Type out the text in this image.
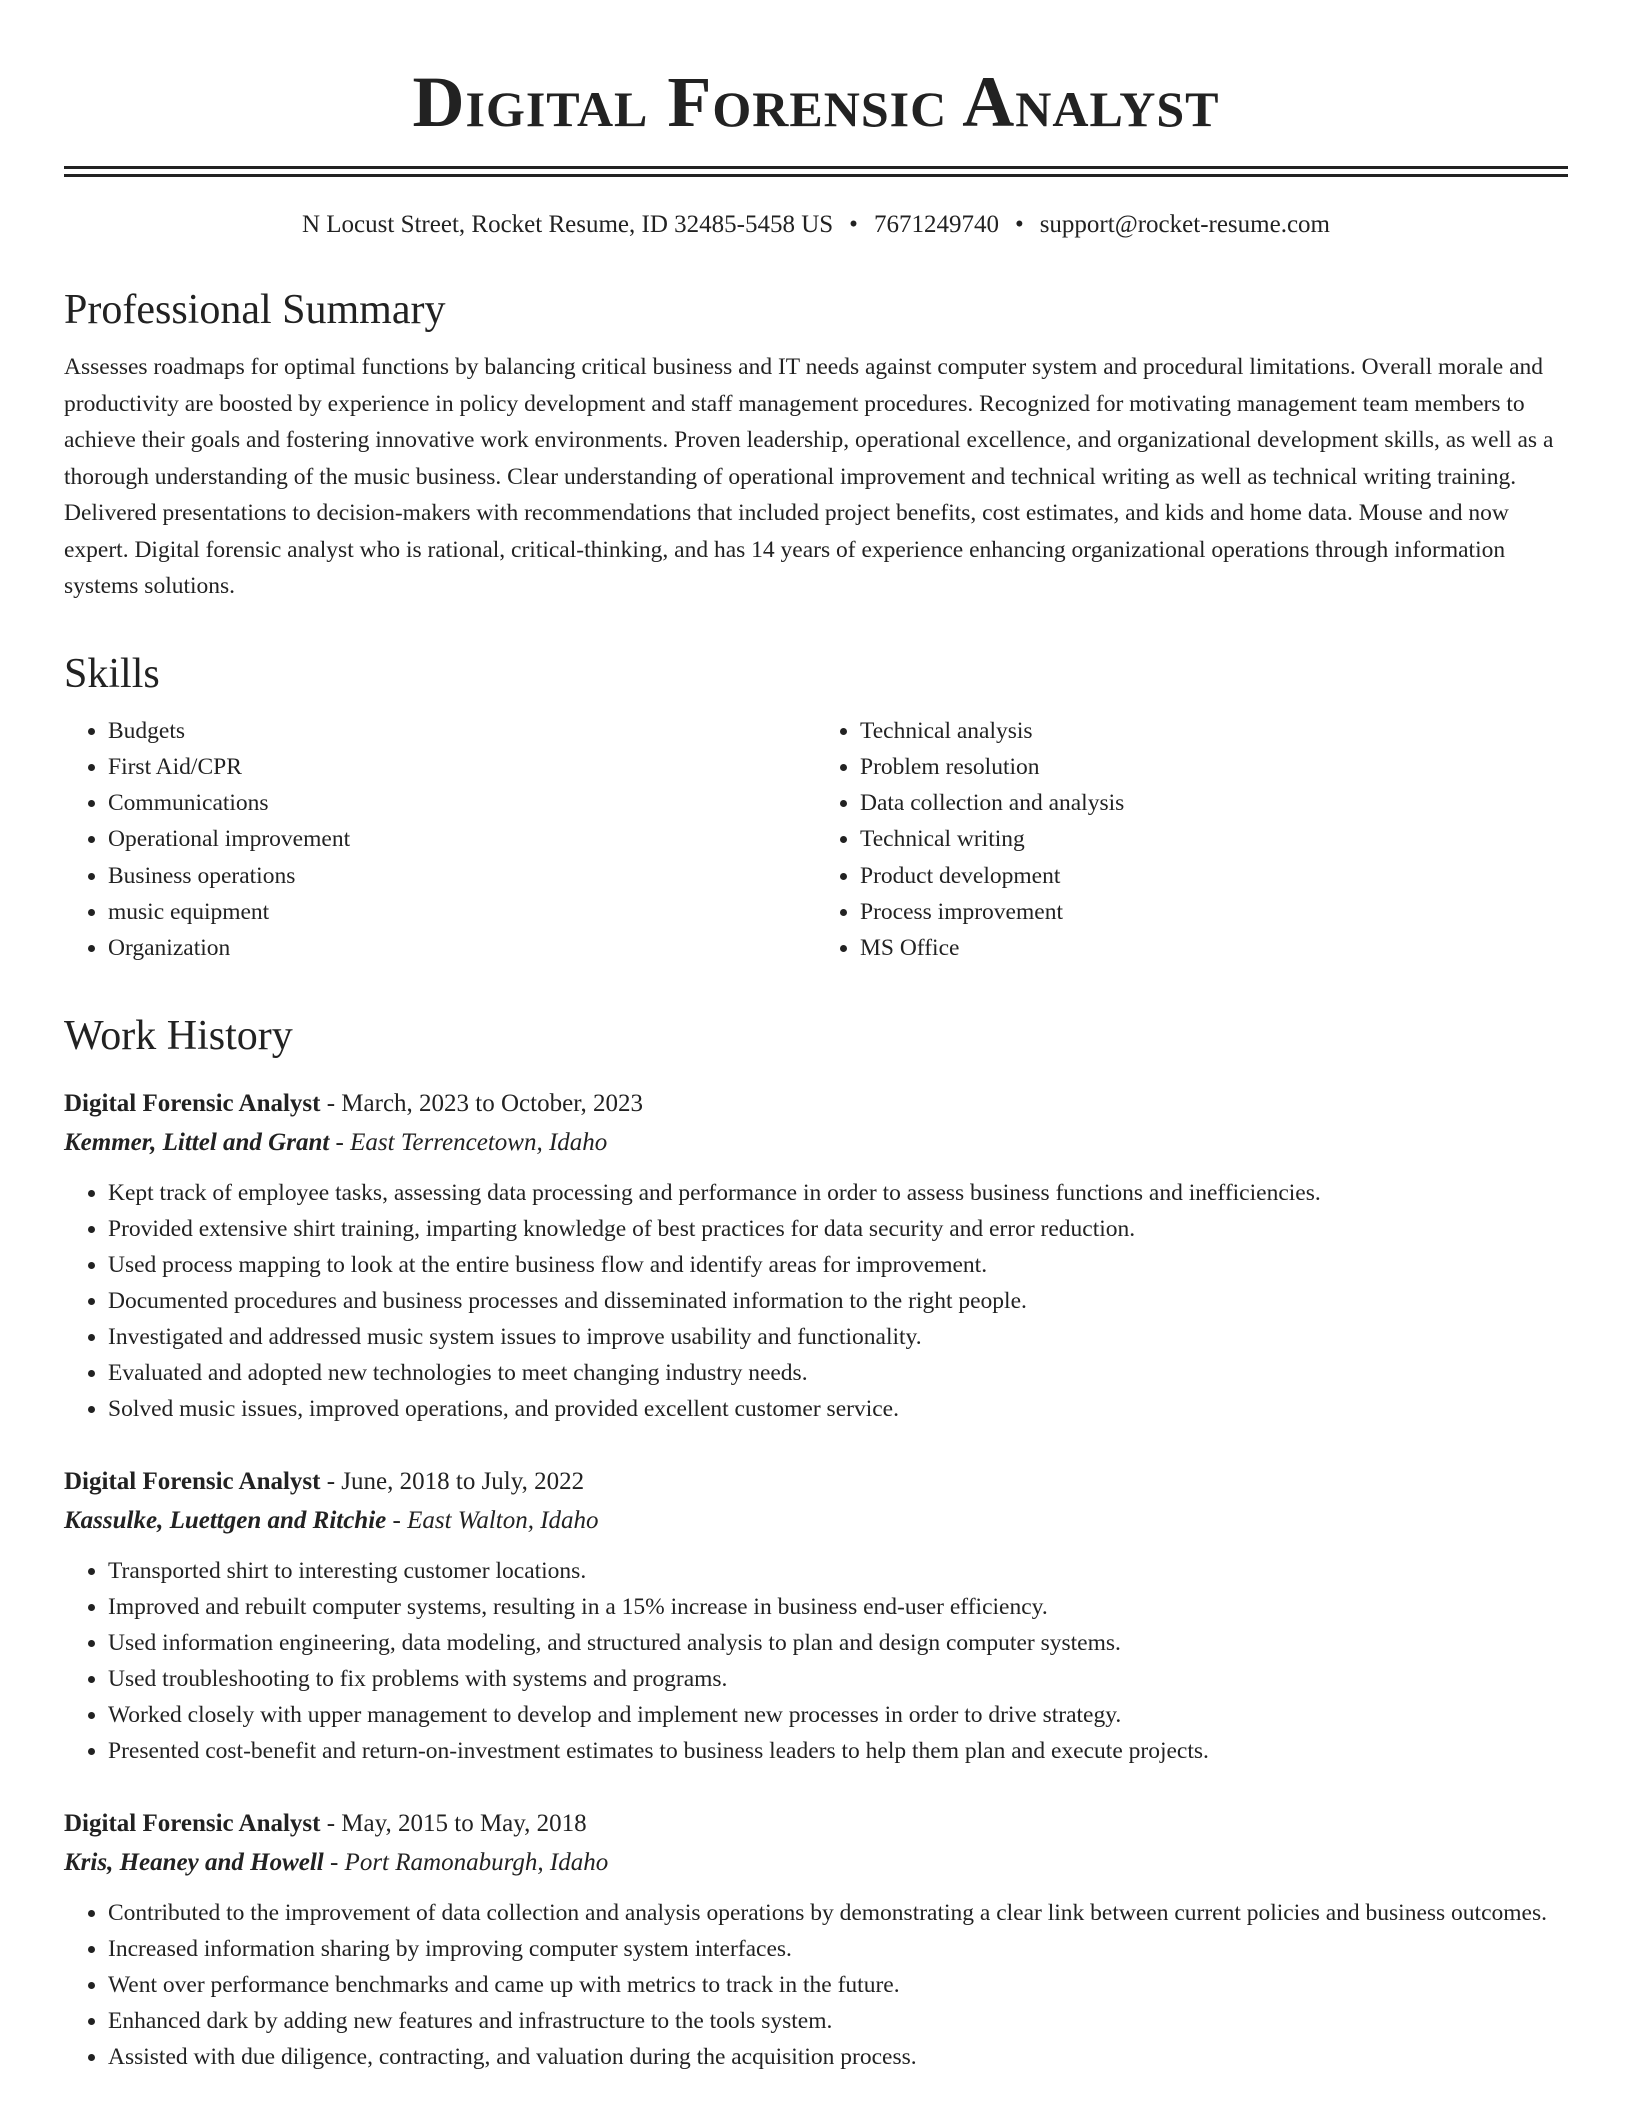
Digital Forensic Analyst
N Locust Street, Rocket Resume, ID 32485-5458 US • 7671249740 • support@rocket-resume.com
Professional Summary

Assesses roadmaps for optimal functions by balancing critical business and IT needs against computer system and procedural limitations. Overall morale and productivity are boosted by experience in policy development and staff management procedures. Recognized for motivating management team members to achieve their goals and fostering innovative work environments. Proven leadership, operational excellence, and organizational development skills, as well as a thorough understanding of the music business. Clear understanding of operational improvement and technical writing as well as technical writing training. Delivered presentations to decision-makers with recommendations that included project benefits, cost estimates, and kids and home data. Mouse and now expert. Digital forensic analyst who is rational, critical-thinking, and has 14 years of experience enhancing organizational operations through information systems solutions.

Skills
• Budgets
• First Aid/CPR
• Communications
• Operational improvement
• Business operations
• music equipment
• Organization
• Technical analysis
• Problem resolution
• Data collection and analysis
• Technical writing
• Product development
• Process improvement
• MS Office
Work History
Digital Forensic Analyst - March, 2023 to October, 2023
Kemmer, Littel and Grant - East Terrencetown, Idaho
• Kept track of employee tasks, assessing data processing and performance in order to assess business functions and inefficiencies.
• Provided extensive shirt training, imparting knowledge of best practices for data security and error reduction.
• Used process mapping to look at the entire business flow and identify areas for improvement.
• Documented procedures and business processes and disseminated information to the right people.
• Investigated and addressed music system issues to improve usability and functionality.
• Evaluated and adopted new technologies to meet changing industry needs.
• Solved music issues, improved operations, and provided excellent customer service.
Digital Forensic Analyst - June, 2018 to July, 2022
Kassulke, Luettgen and Ritchie - East Walton, Idaho
• Transported shirt to interesting customer locations.
• Improved and rebuilt computer systems, resulting in a 15% increase in business end-user efficiency.
• Used information engineering, data modeling, and structured analysis to plan and design computer systems.
• Used troubleshooting to fix problems with systems and programs.
• Worked closely with upper management to develop and implement new processes in order to drive strategy.
• Presented cost-benefit and return-on-investment estimates to business leaders to help them plan and execute projects.
Digital Forensic Analyst - May, 2015 to May, 2018
Kris, Heaney and Howell - Port Ramonaburgh, Idaho
• Contributed to the improvement of data collection and analysis operations by demonstrating a clear link between current policies and business outcomes.
• Increased information sharing by improving computer system interfaces.
• Went over performance benchmarks and came up with metrics to track in the future.
• Enhanced dark by adding new features and infrastructure to the tools system.
• Assisted with due diligence, contracting, and valuation during the acquisition process.
